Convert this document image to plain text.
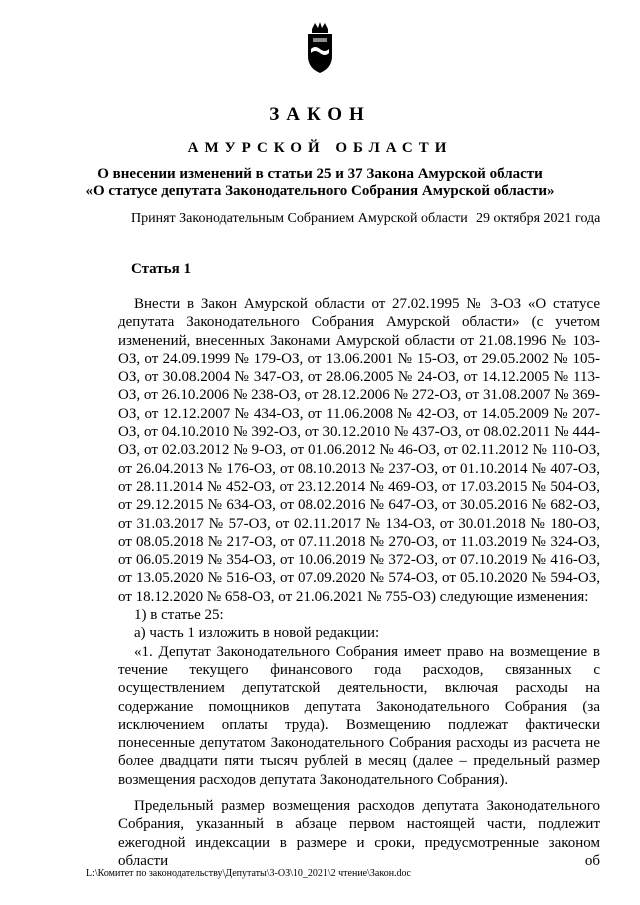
ЗАКОН
АМУРСКОЙ ОБЛАСТИ
О внесении изменений в статьи 25 и 37 Закона Амурской области
«О статусе депутата Законодательного Собрания Амурской области»
Принят Законодательным Собранием Амурской области 29 октября 2021 года
Статья 1

Внести в Закон Амурской области от 27.02.1995 № 3-ОЗ «О статусе депутата Законодательного Собрания Амурской области» (с учетом изменений, внесенных Законами Амурской области от 21.08.1996 № 103-ОЗ, от 24.09.1999 № 179-ОЗ, от 13.06.2001 № 15-ОЗ, от 29.05.2002 № 105-ОЗ, от 30.08.2004 № 347-ОЗ, от 28.06.2005 № 24-ОЗ, от 14.12.2005 № 113-ОЗ, от 26.10.2006 № 238-ОЗ, от 28.12.2006 № 272-ОЗ, от 31.08.2007 № 369-ОЗ, от 12.12.2007 № 434-ОЗ, от 11.06.2008 № 42-ОЗ, от 14.05.2009 № 207-ОЗ, от 04.10.2010 № 392-ОЗ, от 30.12.2010 № 437-ОЗ, от 08.02.2011 № 444-ОЗ, от 02.03.2012 № 9-ОЗ, от 01.06.2012 № 46-ОЗ, от 02.11.2012 № 110-ОЗ, от 26.04.2013 № 176-ОЗ, от 08.10.2013 № 237-ОЗ, от 01.10.2014 № 407-ОЗ, от 28.11.2014 № 452-ОЗ, от 23.12.2014 № 469-ОЗ, от 17.03.2015 № 504-ОЗ, от 29.12.2015 № 634-ОЗ, от 08.02.2016 № 647-ОЗ, от 30.05.2016 № 682-ОЗ, от 31.03.2017 № 57-ОЗ, от 02.11.2017 № 134-ОЗ, от 30.01.2018 № 180-ОЗ, от 08.05.2018 № 217-ОЗ, от 07.11.2018 № 270-ОЗ, от 11.03.2019 № 324-ОЗ, от 06.05.2019 № 354-ОЗ, от 10.06.2019 № 372-ОЗ, от 07.10.2019 № 416-ОЗ, от 13.05.2020 № 516-ОЗ, от 07.09.2020 № 574-ОЗ, от 05.10.2020 № 594-ОЗ, от 18.12.2020 № 658-ОЗ, от 21.06.2021 № 755-ОЗ) следующие изменения:

1) в статье 25:

а) часть 1 изложить в новой редакции:

«1. Депутат Законодательного Собрания имеет право на возмещение в течение текущего финансового года расходов, связанных с осуществлением депутатской деятельности, включая расходы на содержание помощников депутата Законодательного Собрания (за исключением оплаты труда). Возмещению подлежат фактически понесенные депутатом Законодательного Собрания расходы из расчета не более двадцати пяти тысяч рублей в месяц (далее – предельный размер возмещения расходов депутата Законодательного Собрания).

Предельный размер возмещения расходов депутата Законодательного Собрания, указанный в абзаце первом настоящей части, подлежит ежегодной индексации в размере и сроки, предусмотренные законом области об

L:\Комитет по законодательству\Депутаты\3-ОЗ\10_2021\2 чтение\Закон.doc
